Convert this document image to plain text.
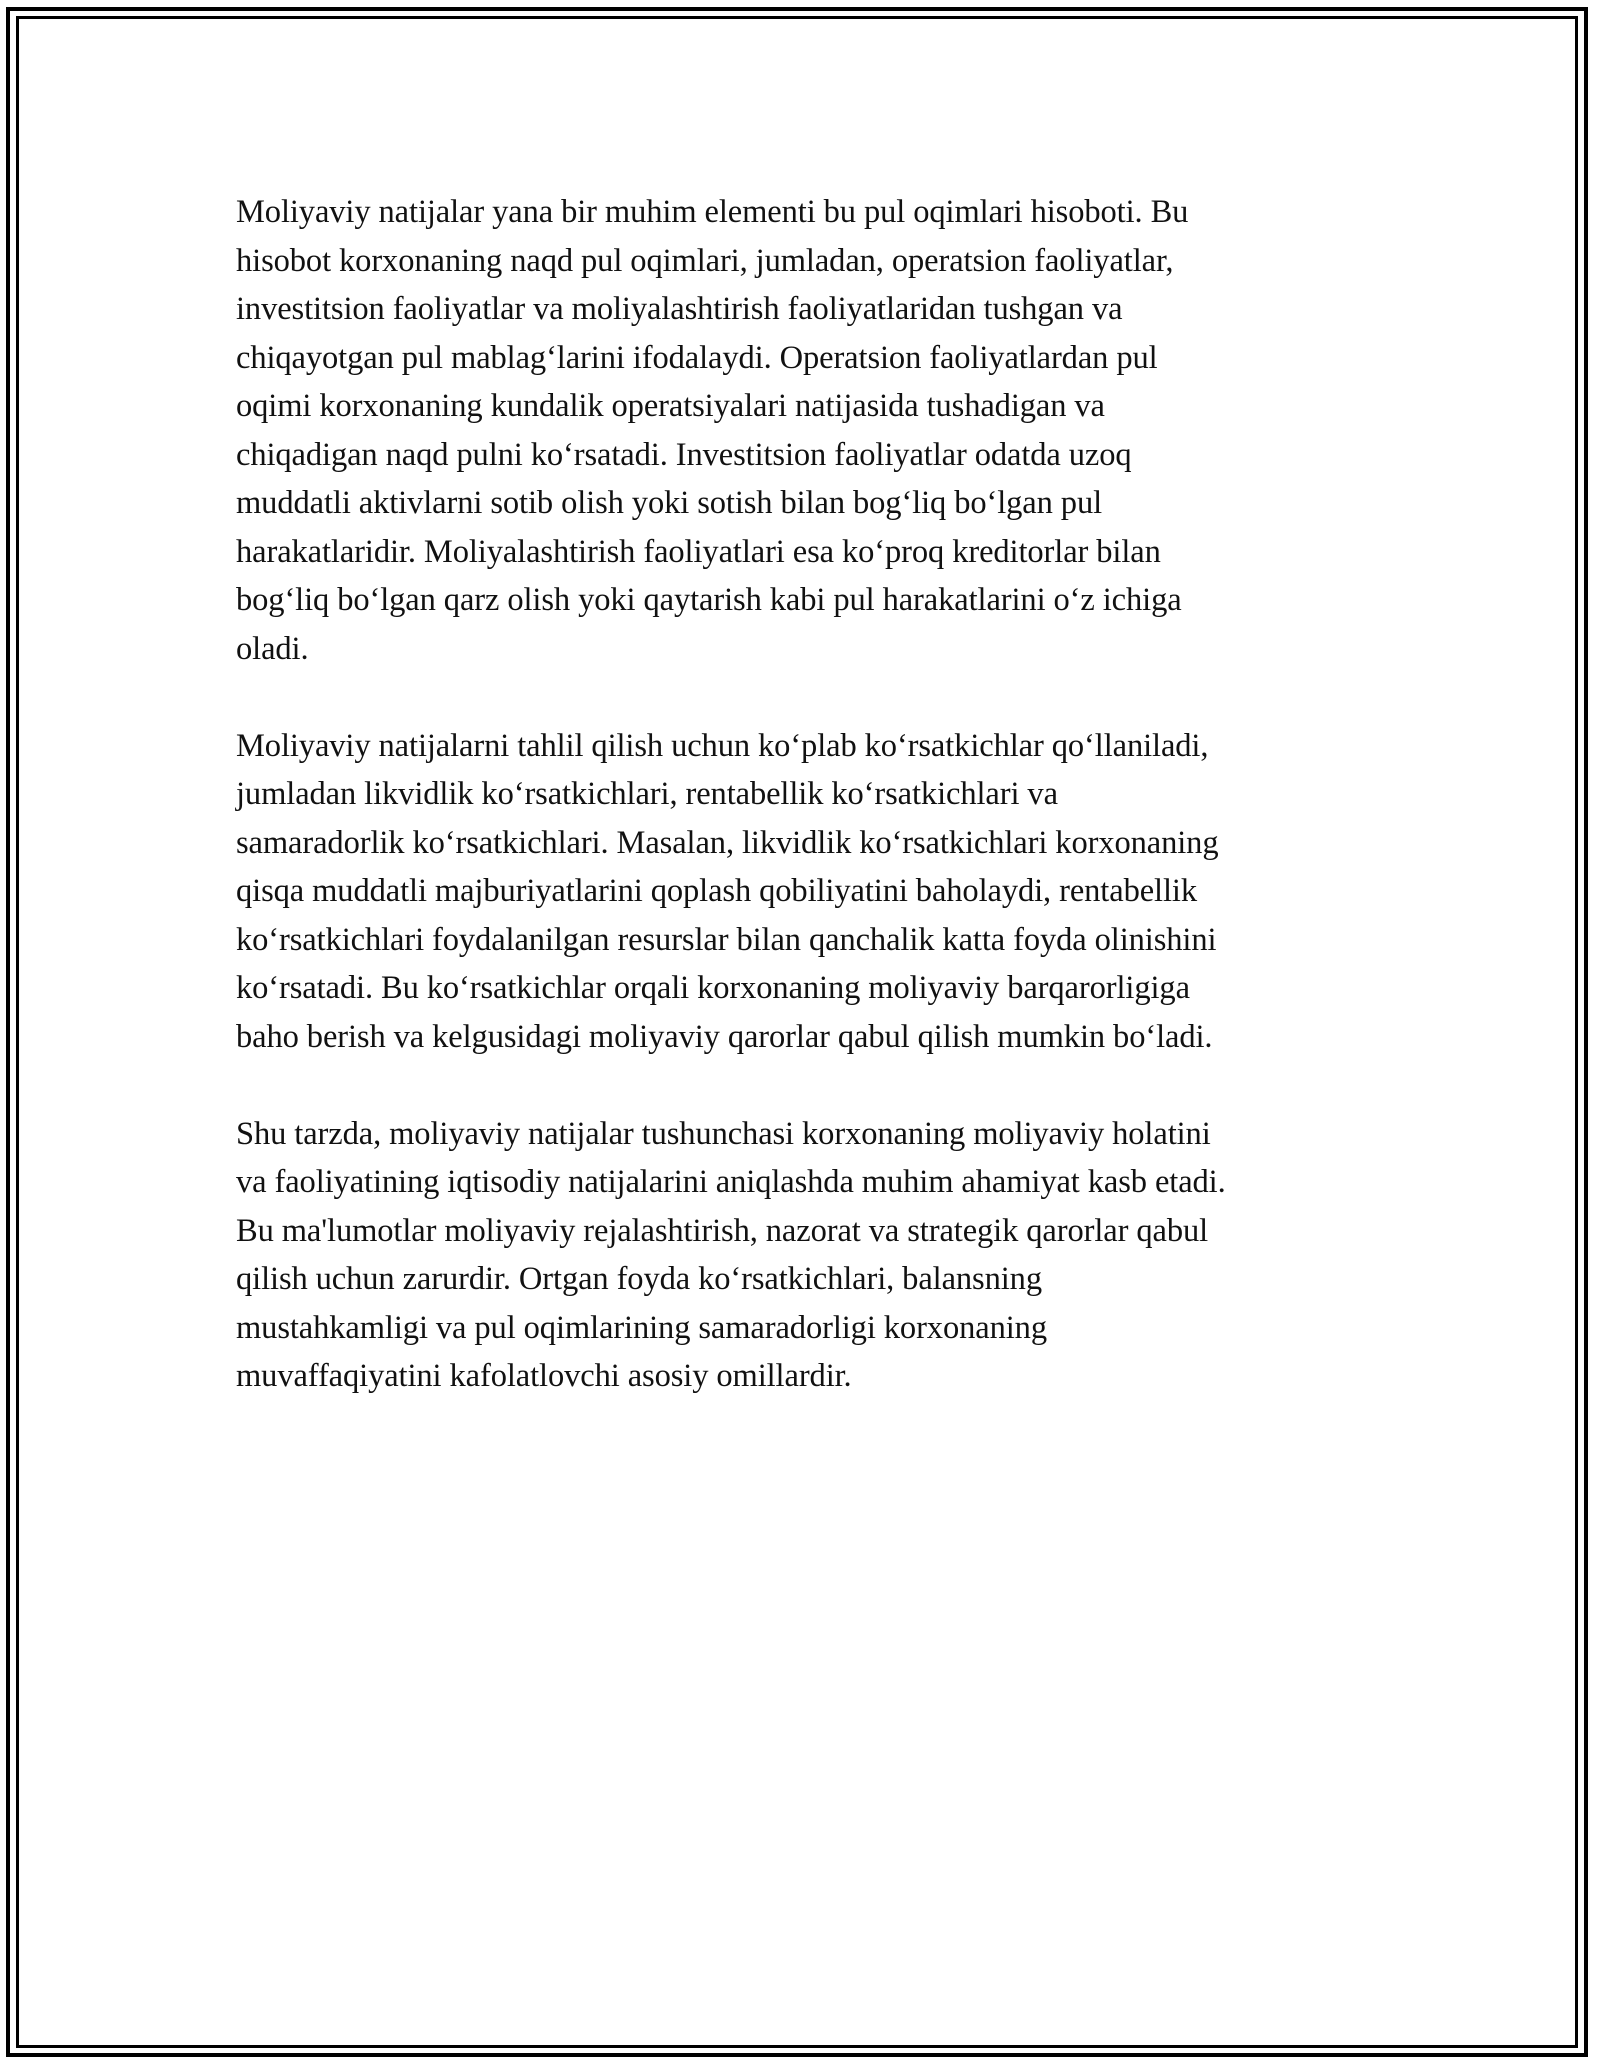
Moliyaviy natijalar yana bir muhim elementi bu pul oqimlari hisoboti. Bu
hisobot korxonaning naqd pul oqimlari, jumladan, operatsion faoliyatlar,
investitsion faoliyatlar va moliyalashtirish faoliyatlaridan tushgan va
chiqayotgan pul mablag‘larini ifodalaydi. Operatsion faoliyatlardan pul
oqimi korxonaning kundalik operatsiyalari natijasida tushadigan va
chiqadigan naqd pulni ko‘rsatadi. Investitsion faoliyatlar odatda uzoq
muddatli aktivlarni sotib olish yoki sotish bilan bog‘liq bo‘lgan pul
harakatlaridir. Moliyalashtirish faoliyatlari esa ko‘proq kreditorlar bilan
bog‘liq bo‘lgan qarz olish yoki qaytarish kabi pul harakatlarini o‘z ichiga
oladi.

Moliyaviy natijalarni tahlil qilish uchun ko‘plab ko‘rsatkichlar qo‘llaniladi,
jumladan likvidlik ko‘rsatkichlari, rentabellik ko‘rsatkichlari va
samaradorlik ko‘rsatkichlari. Masalan, likvidlik ko‘rsatkichlari korxonaning
qisqa muddatli majburiyatlarini qoplash qobiliyatini baholaydi, rentabellik
ko‘rsatkichlari foydalanilgan resurslar bilan qanchalik katta foyda olinishini
ko‘rsatadi. Bu ko‘rsatkichlar orqali korxonaning moliyaviy barqarorligiga
baho berish va kelgusidagi moliyaviy qarorlar qabul qilish mumkin bo‘ladi.

Shu tarzda, moliyaviy natijalar tushunchasi korxonaning moliyaviy holatini
va faoliyatining iqtisodiy natijalarini aniqlashda muhim ahamiyat kasb etadi.
Bu ma'lumotlar moliyaviy rejalashtirish, nazorat va strategik qarorlar qabul
qilish uchun zarurdir. Ortgan foyda ko‘rsatkichlari, balansning
mustahkamligi va pul oqimlarining samaradorligi korxonaning
muvaffaqiyatini kafolatlovchi asosiy omillardir.
